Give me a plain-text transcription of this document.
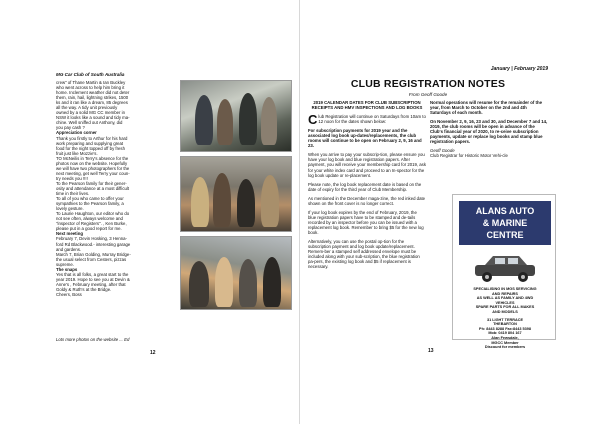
MG Car Club of South Australia

crew" of Thane Martin & Ian Buckley

who went across to help him bring it

home. Inclement weather did not deter

them, rain, hail, lightning strikes, 1500

ks and it ran like a dream, 85 degrees

all the way. A tidy unit previously

owned by a solid MG CC member in

NSW it looks like a sound and tidy ma-

chine. Well sniffed out Anthony, did

you pay cash ?

Appreciation corner

Thank you firstly to Arthur for his hard

work preparing and supplying great

food for the night topped off by fresh

fruit just like Mozzie's.

TO McNeilis in Terry's absence for the

photos now on the website. Hopefully

we will have two photographers for the

next meeting, get well Terry your coun-

try needs you !!!!

To the Pearson family for their gener-

osity and attendance at a most difficult

time in their lives.

To all of you who came to offer your

sympathies to the Pearson family, a

lovely gesture.

To Laurie Haughton, our editor who do

not see often, always welcome and

"inspector of Registers". , Ken Burke,

please put in a good report for me.

Next meeting

February 7, Devin Hosking, 3 Henna-

ford Rd Blackwood.- interesting garage

and gardens.

March 7, Brian Golding, Murray Bridge-

the usual select from Cesters, pizzas

supreme.

The snaps

Yes that is all folks, a great start to the

year 2019. Hope to see you at Devin &

Anne's , February meeting, after that

Goldy & Ruth's at the Bridge.

Cheers, Boss

Lots more photos on the website ... Ed
12
January | February 2019
CLUB REGISTRATION NOTES
From Geoff Goode

2019 CALENDAR DATES FOR CLUB SUBSCRIPTION RECEIPTS AND HMV INSPECTIONS AND LOG BOOKS

Club Registration will continue on Saturdays from 10am to 12 noon for the dates shown below:

For subscription payments for 2019 year and the associated log book up-dates/replacements, the club rooms will continue to be open on February 2, 9, 16 and 23.

When you arrive to pay your subscrip-tion, please ensure you have your log book and blue registration papers. After payment, you will receive your membership card for 2019, ask for your white index card and proceed to an In-spector for the log book update or re-placement.

Please note, the log book replacement date is based on the date of expiry for the third year of Club Membership.

As mentioned in the December maga-zine, the red inked date shown on the front cover is no longer correct.

If your log book expires by the end of February, 2019, the blue registration papers have to be stamped and de-tails recorded by an inspector before you can be issued with a replacement log book. Remember to bring $5 for the new log book.

Alternatively, you can use the postal op-tion for the subscription payment and log book update/replacement. Remem-ber a stamped self addressed envelope must be included along with your sub-scription, the blue registration pa-pers, the existing log book and $5 if replacement is necessary.

Normal operations will resume for the remainder of the year, from March to October on the 2nd and 4th Saturdays of each month.

On November 2, 9, 16, 23 and 30, and December 7 and 14, 2019, the club rooms will be open in advance of the Club's financial year of 2020, to re-ceive subscription payments, update or replace log books and stamp blue registration papers.

Geoff Goode

Club Registrar for Historic Motor Vehi-cle

ALANS AUTO
& MARINE
CENTRE
SPECIALISING IN MGS SERVICING
AND REPAIRS
AS WELL AS FAMILY AND 4WD
VEHICLES
SPARE PARTS FOR ALL MAKES
AND MODELS
31 LIGHT TERRACE
THEBARTON
Ph: 8443 8288 Fax:8443 5398
Mob: 0419 804 167
Alan Fewsdale,
MGCC Member
Discount for members
13
